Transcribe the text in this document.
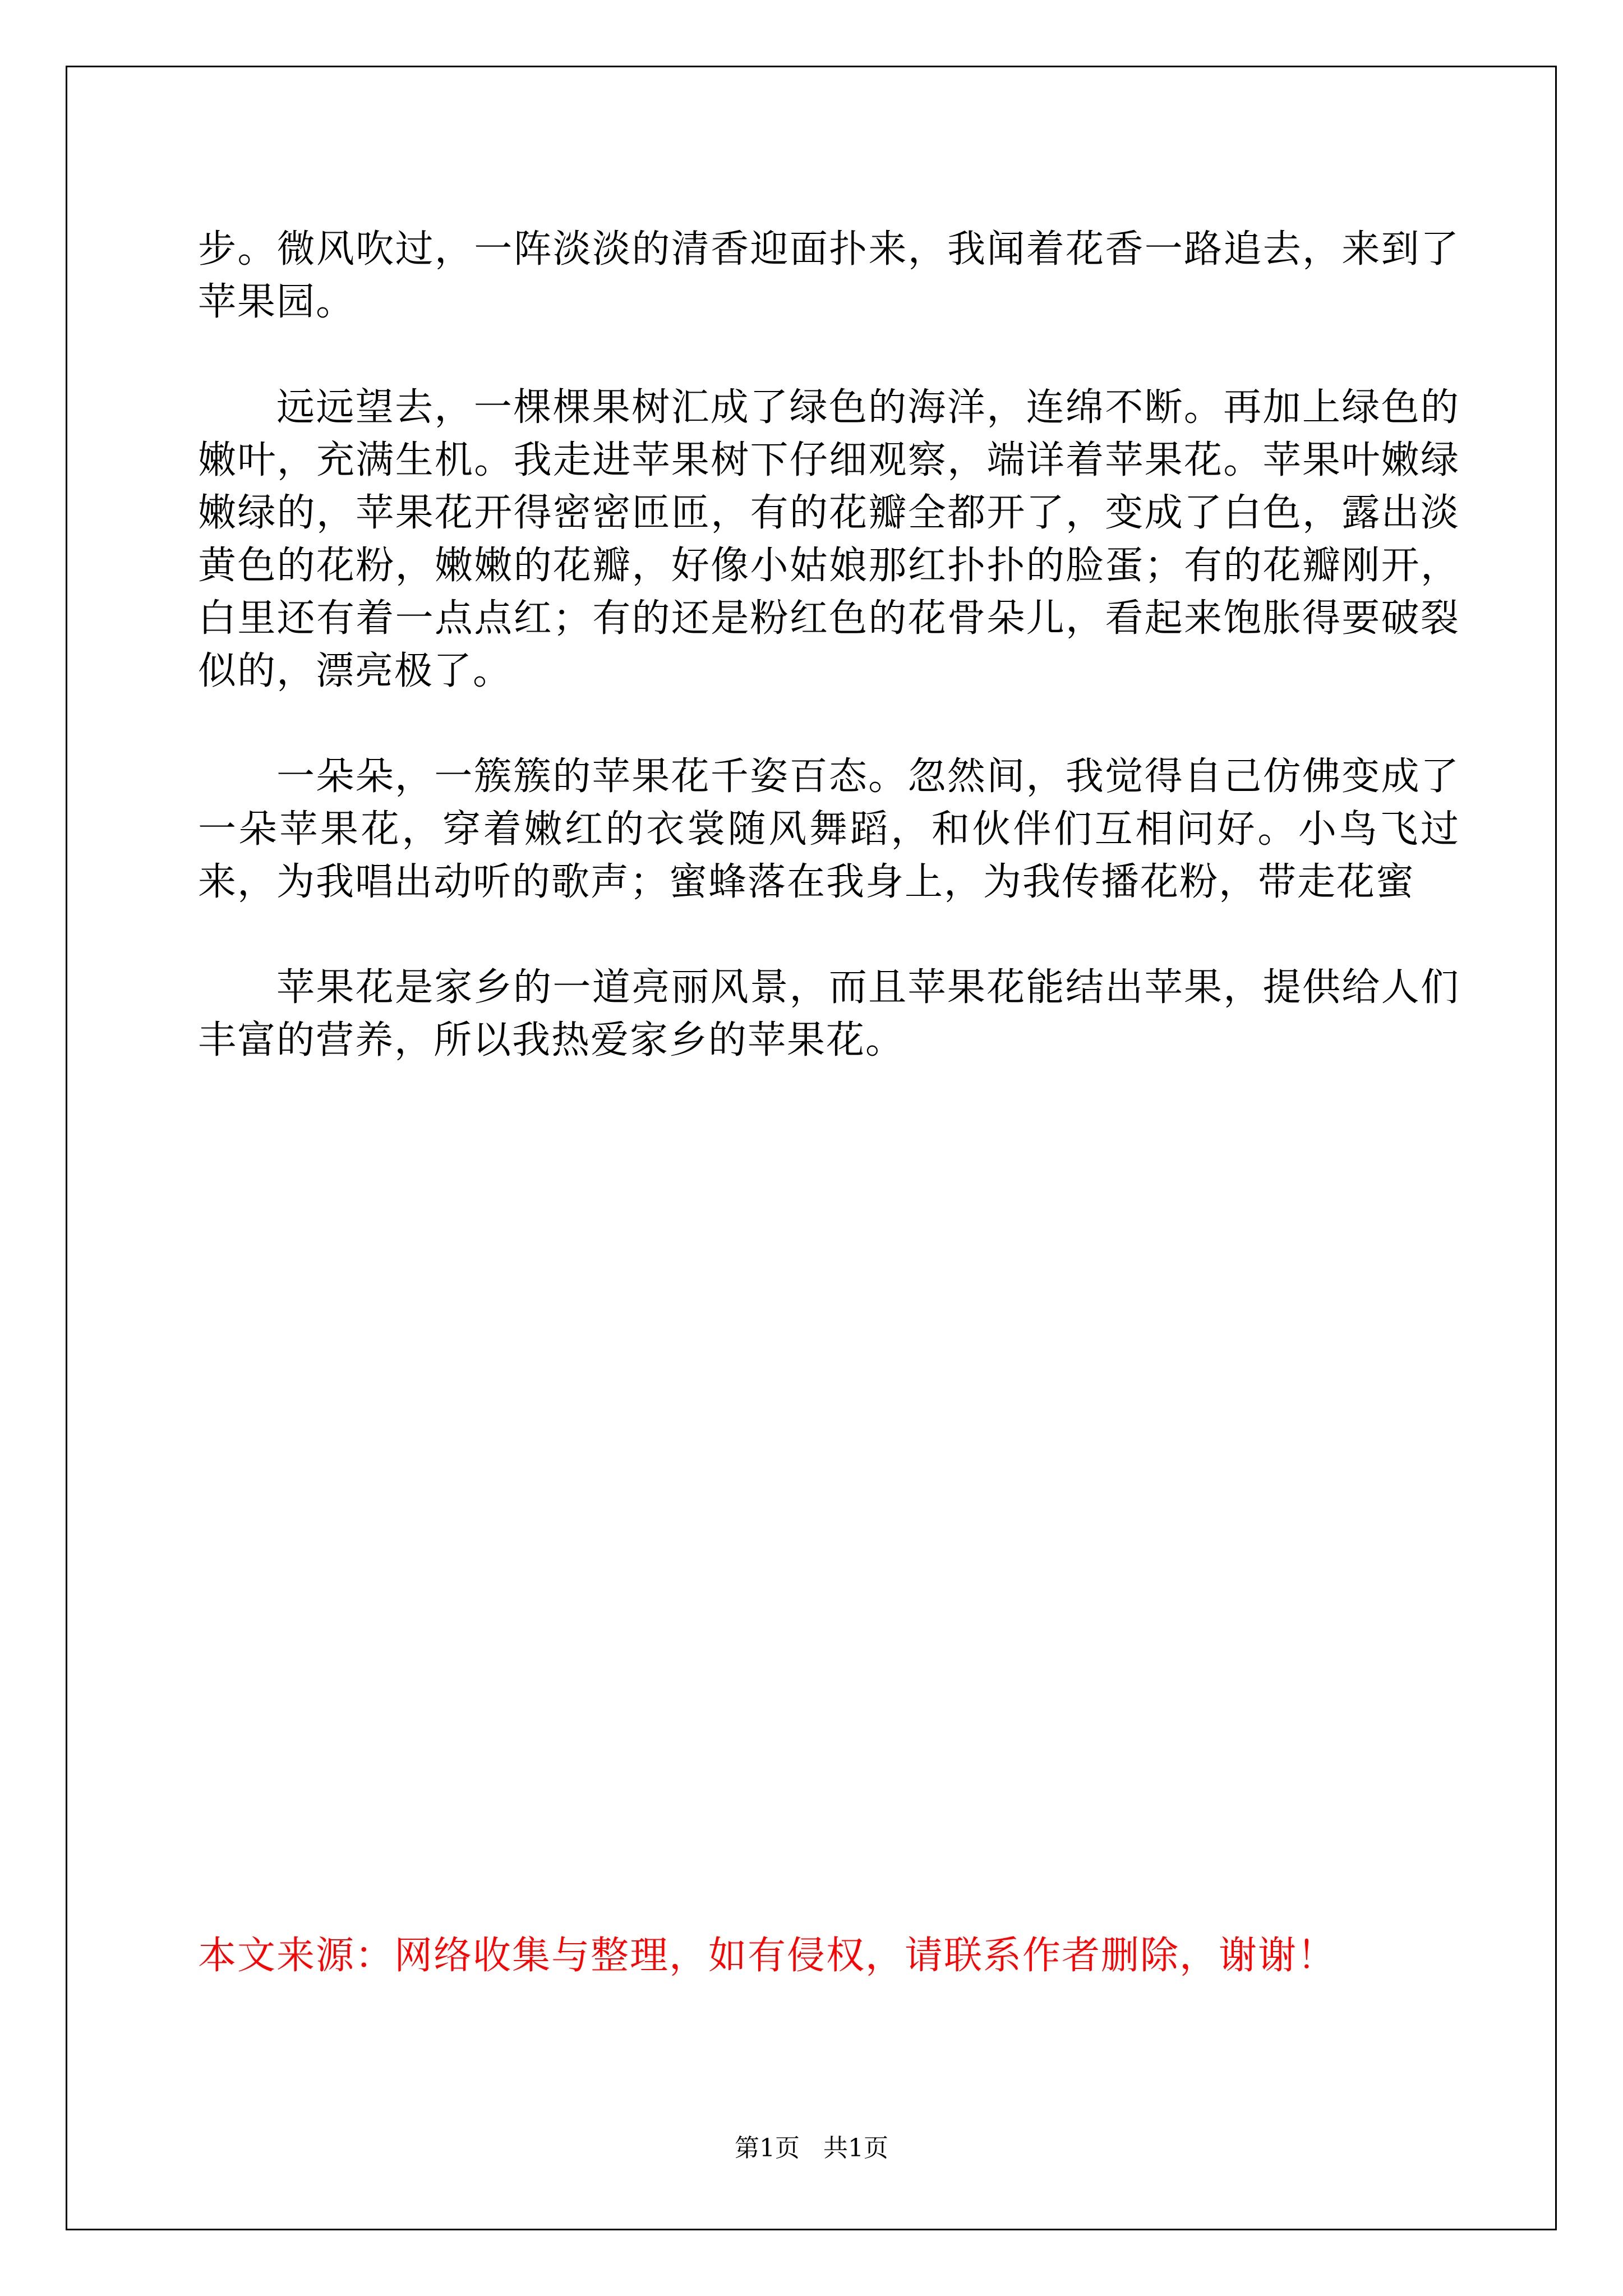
步。微风吹过，一阵淡淡的清香迎面扑来，我闻着花香一路追去，来到了苹果园。

远远望去，一棵棵果树汇成了绿色的海洋，连绵不断。再加上绿色的嫩叶，充满生机。我走进苹果树下仔细观察，端详着苹果花。苹果叶嫩绿嫩绿的，苹果花开得密密匝匝，有的花瓣全都开了，变成了白色，露出淡黄色的花粉，嫩嫩的花瓣，好像小姑娘那红扑扑的脸蛋；有的花瓣刚开，白里还有着一点点红；有的还是粉红色的花骨朵儿，看起来饱胀得要破裂似的，漂亮极了。

一朵朵，一簇簇的苹果花千姿百态。忽然间，我觉得自己仿佛变成了一朵苹果花，穿着嫩红的衣裳随风舞蹈，和伙伴们互相问好。小鸟飞过来，为我唱出动听的歌声；蜜蜂落在我身上，为我传播花粉，带走花蜜

苹果花是家乡的一道亮丽风景，而且苹果花能结出苹果，提供给人们丰富的营养，所以我热爱家乡的苹果花。

本文来源：网络收集与整理，如有侵权，请联系作者删除，谢谢！
第1页   共1页
